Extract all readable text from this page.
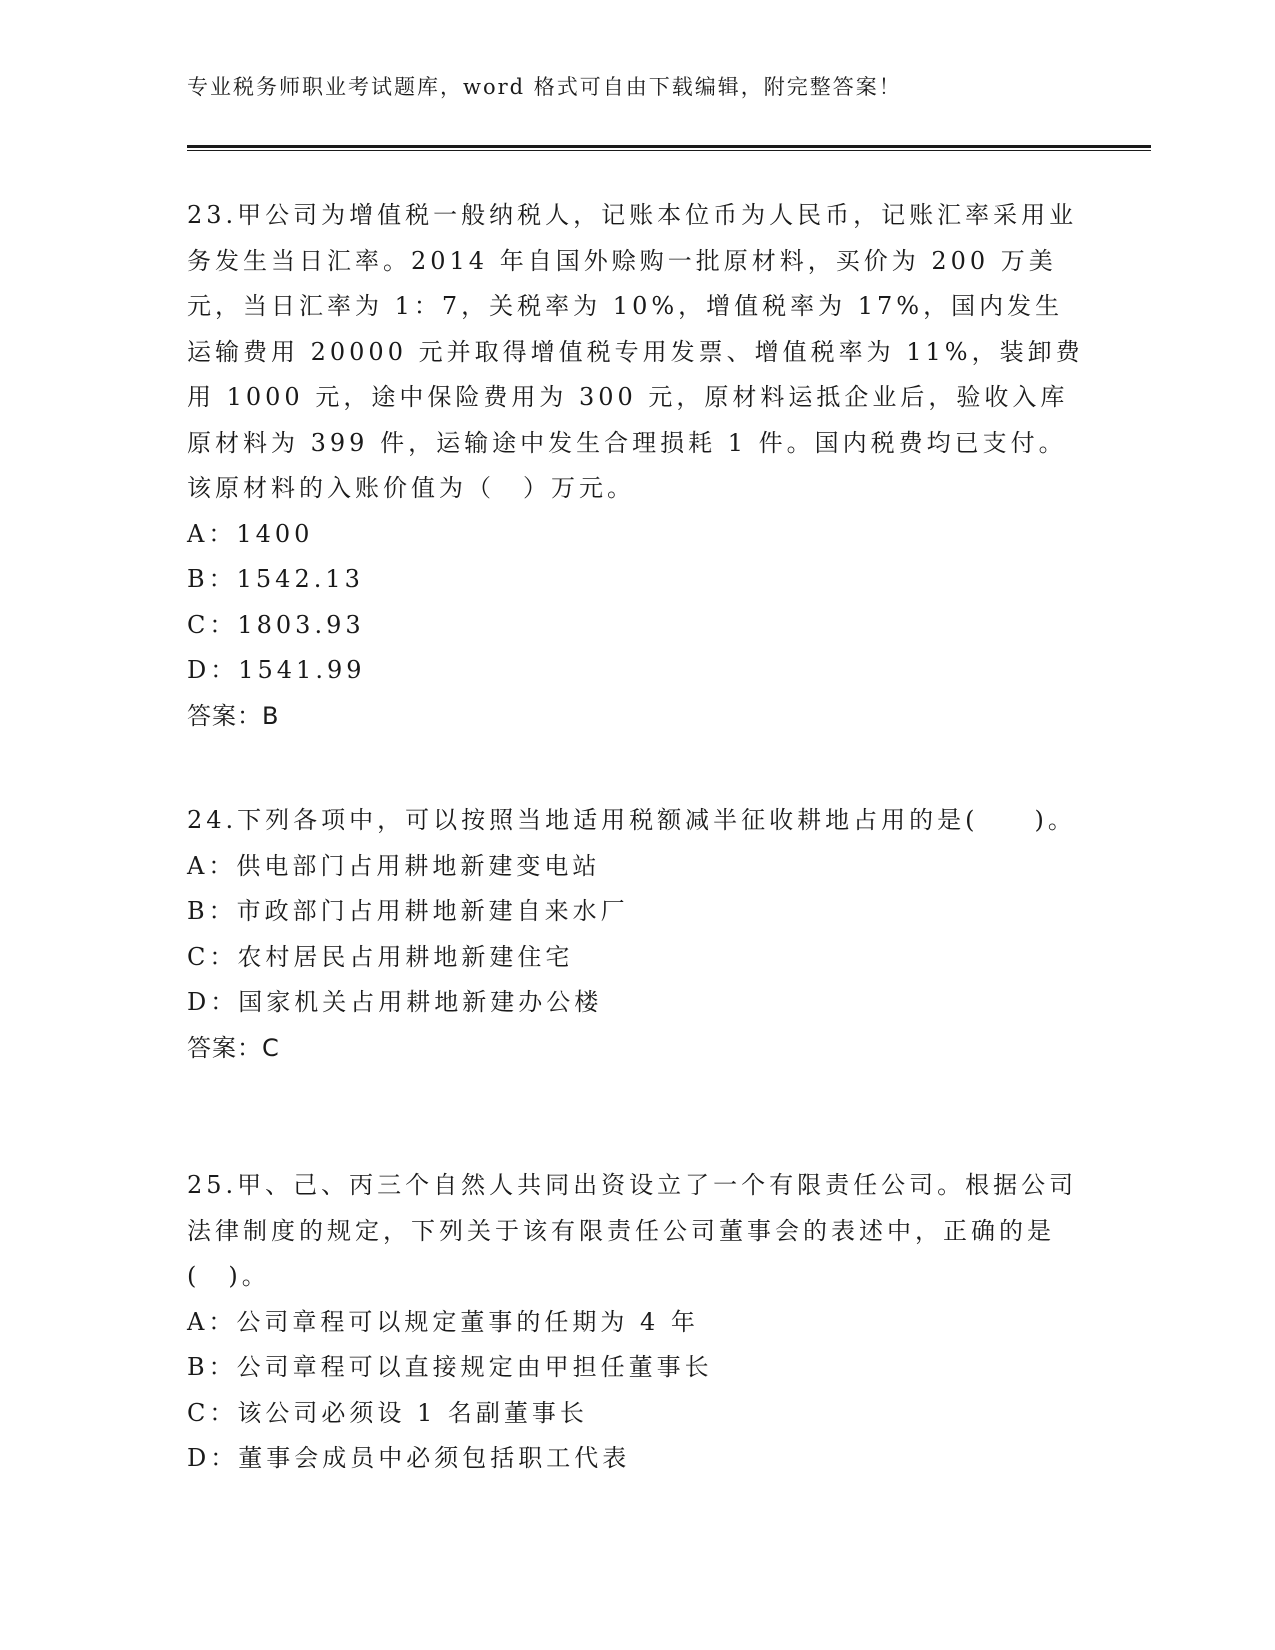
专业税务师职业考试题库，word 格式可自由下载编辑，附完整答案！

23.甲公司为增值税一般纳税人，记账本位币为人民币，记账汇率采用业务发生当日汇率。2014 年自国外赊购一批原材料，买价为 200 万美元，当日汇率为 1：7，关税率为 10%，增值税率为 17%，国内发生运输费用 20000 元并取得增值税专用发票、增值税率为 11%，装卸费用 1000 元，途中保险费用为 300 元，原材料运抵企业后，验收入库原材料为 399 件，运输途中发生合理损耗 1 件。国内税费均已支付。该原材料的入账价值为（　）万元。

A：1400

B：1542.13

C：1803.93

D：1541.99

答案：B

24.下列各项中，可以按照当地适用税额减半征收耕地占用的是(　　)。

A：供电部门占用耕地新建变电站

B：市政部门占用耕地新建自来水厂

C：农村居民占用耕地新建住宅

D：国家机关占用耕地新建办公楼

答案：C

25.甲、己、丙三个自然人共同出资设立了一个有限责任公司。根据公司法律制度的规定，下列关于该有限责任公司董事会的表述中，正确的是(　)。

A：公司章程可以规定董事的任期为 4 年

B：公司章程可以直接规定由甲担任董事长

C：该公司必须设 1 名副董事长

D：董事会成员中必须包括职工代表
